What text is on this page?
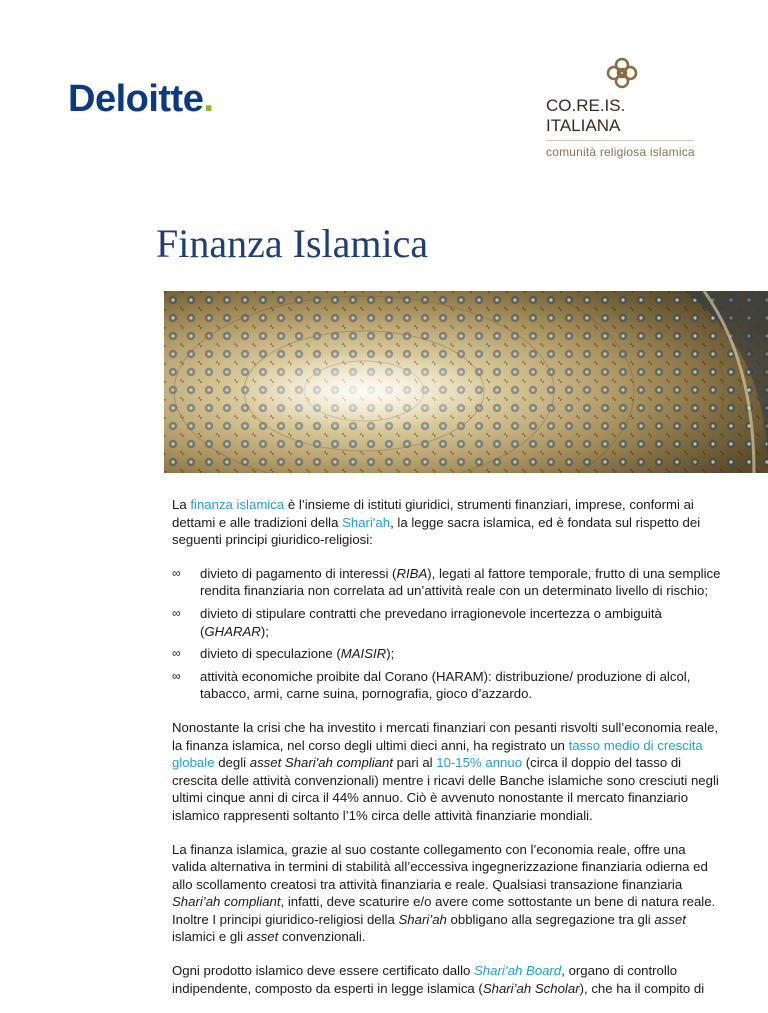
Deloitte.	CO.RE.IS. ITALIANA
comunità religiosa islamica
Finanza Islamica

La finanza islamica è l’insieme di istituti giuridici, strumenti finanziari, imprese, conformi ai dettami e alle tradizioni della Shari'ah, la legge sacra islamica, ed è fondata sul rispetto dei seguenti principi giuridico-religiosi:

∞ divieto di pagamento di interessi (RIBA), legati al fattore temporale, frutto di una semplice rendita finanziaria non correlata ad un’attività reale con un determinato livello di rischio;
∞ divieto di stipulare contratti che prevedano irragionevole incertezza o ambiguità (GHARAR);
∞ divieto di speculazione (MAISIR);
∞ attività economiche proibite dal Corano (HARAM): distribuzione/ produzione di alcol, tabacco, armi, carne suina, pornografia, gioco d’azzardo.

Nonostante la crisi che ha investito i mercati finanziari con pesanti risvolti sull’economia reale, la finanza islamica, nel corso degli ultimi dieci anni, ha registrato un tasso medio di crescita globale degli asset Shari'ah compliant pari al 10-15% annuo (circa il doppio del tasso di crescita delle attività convenzionali) mentre i ricavi delle Banche islamiche sono cresciuti negli ultimi cinque anni di circa il 44% annuo. Ciò è avvenuto nonostante il mercato finanziario islamico rappresenti soltanto l’1% circa delle attività finanziarie mondiali.

La finanza islamica, grazie al suo costante collegamento con l’economia reale, offre una valida alternativa in termini di stabilità all’eccessiva ingegnerizzazione finanziaria odierna ed allo scollamento creatosi tra attività finanziaria e reale. Qualsiasi transazione finanziaria Shari’ah compliant, infatti, deve scaturire e/o avere come sottostante un bene di natura reale. Inoltre I principi giuridico-religiosi della Shari’ah obbligano alla segregazione tra gli asset islamici e gli asset convenzionali.

Ogni prodotto islamico deve essere certificato dallo Shari’ah Board, organo di controllo indipendente, composto da esperti in legge islamica (Shari’ah Scholar), che ha il compito di
